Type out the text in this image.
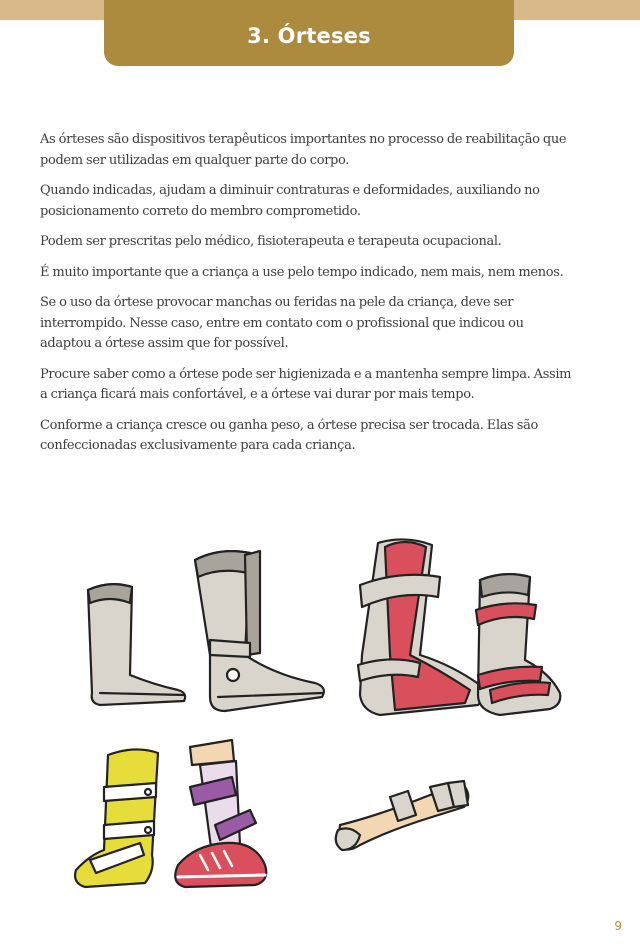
3. Órteses

As órteses são dispositivos terapêuticos importantes no processo de reabilitação que podem ser utilizadas em qualquer parte do corpo.

Quando indicadas, ajudam a diminuir contraturas e deformidades, auxiliando no posicionamento correto do membro comprometido.

Podem ser prescritas pelo médico, fisioterapeuta e terapeuta ocupacional.

É muito importante que a criança a use pelo tempo indicado, nem mais, nem menos.

Se o uso da órtese provocar manchas ou feridas na pele da criança, deve ser interrompido. Nesse caso, entre em contato com o profissional que indicou ou adaptou a órtese assim que for possível.

Procure saber como a órtese pode ser higienizada e a mantenha sempre limpa. Assim a criança ficará mais confortável, e a órtese vai durar por mais tempo.

Conforme a criança cresce ou ganha peso, a órtese precisa ser trocada. Elas são confeccionadas exclusivamente para cada criança.

9
